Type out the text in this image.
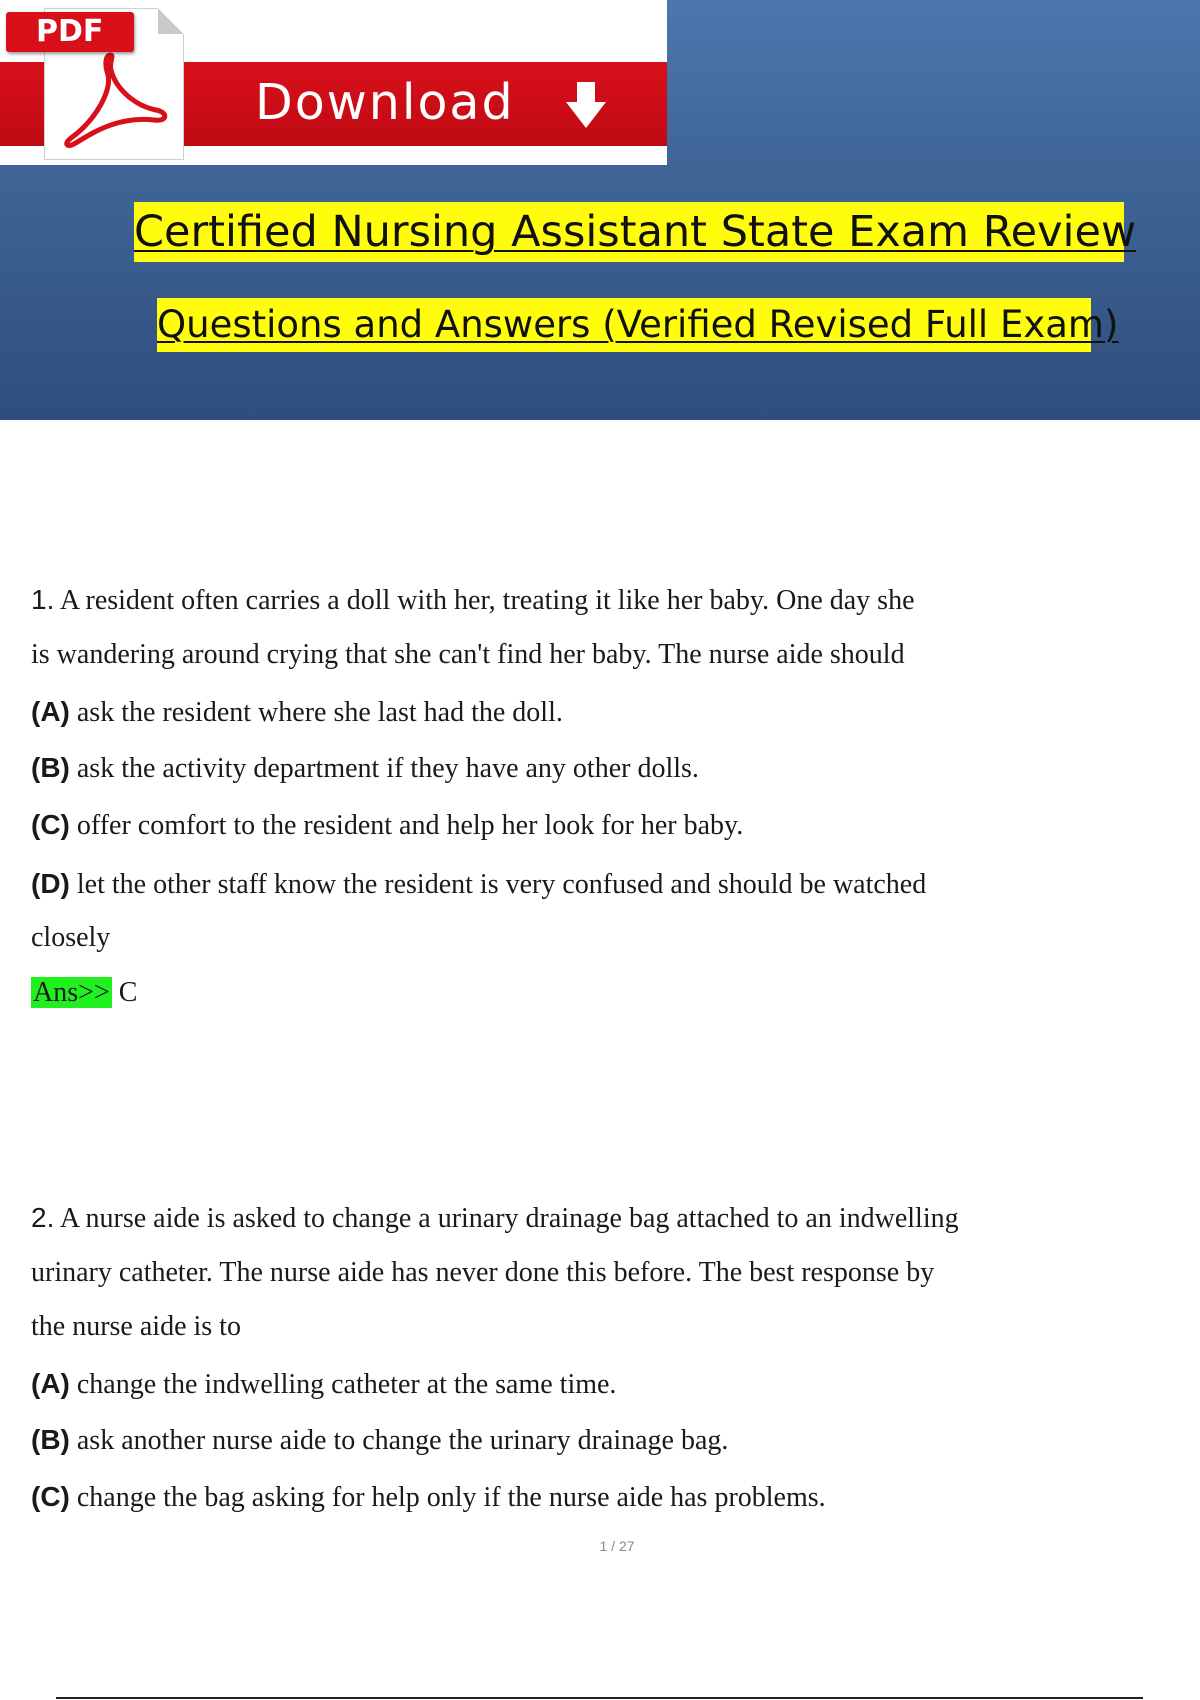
Download
PDF
Certified Nursing Assistant State Exam Review
Questions and Answers (Verified Revised Full Exam)
1. A resident often carries a doll with her, treating it like her baby. One day she
is wandering around crying that she can't find her baby. The nurse aide should
(A) ask the resident where she last had the doll.
(B) ask the activity department if they have any other dolls.
(C) offer comfort to the resident and help her look for her baby.
(D) let the other staff know the resident is very confused and should be watched
closely
Ans>> C
2. A nurse aide is asked to change a urinary drainage bag attached to an indwelling
urinary catheter. The nurse aide has never done this before. The best response by
the nurse aide is to
(A) change the indwelling catheter at the same time.
(B) ask another nurse aide to change the urinary drainage bag.
(C) change the bag asking for help only if the nurse aide has problems.
1 / 27
